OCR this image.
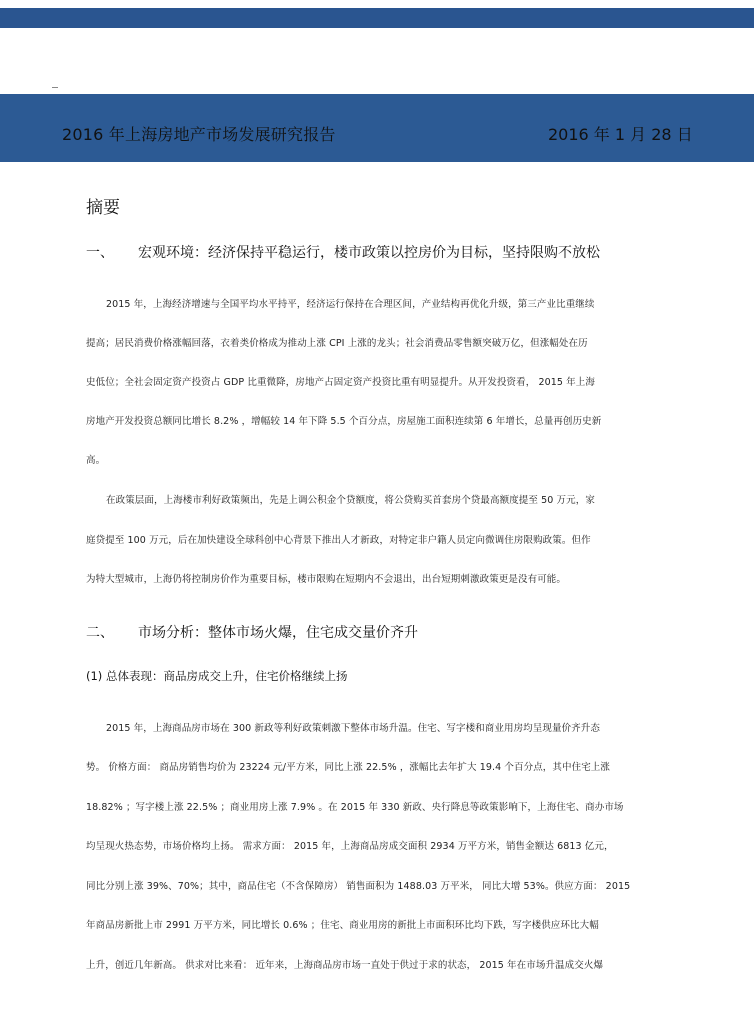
2016 年上海房地产市场发展研究报告	2016 年 1 月 28 日
摘要
一、 宏观环境：经济保持平稳运行，楼市政策以控房价为目标，坚持限购不放松
2015 年，上海经济增速与全国平均水平持平，经济运行保持在合理区间，产业结构再优化升级，第三产业比重继续
提高；居民消费价格涨幅回落，衣着类价格成为推动上涨 CPI 上涨的龙头；社会消费品零售额突破万亿，但涨幅处在历
史低位；全社会固定资产投资占 GDP 比重微降，房地产占固定资产投资比重有明显提升。从开发投资看， 2015 年上海
房地产开发投资总额同比增长 8.2% ，增幅较 14 年下降 5.5 个百分点，房屋施工面积连续第 6 年增长，总量再创历史新
高。
在政策层面，上海楼市利好政策频出，先是上调公积金个贷额度，将公贷购买首套房个贷最高额度提至 50 万元，家
庭贷提至 100 万元，后在加快建设全球科创中心背景下推出人才新政，对特定非户籍人员定向微调住房限购政策。但作
为特大型城市，上海仍将控制房价作为重要目标，楼市限购在短期内不会退出，出台短期刺激政策更是没有可能。
二、 市场分析：整体市场火爆，住宅成交量价齐升
(1) 总体表现：商品房成交上升，住宅价格继续上扬
2015 年，上海商品房市场在 300 新政等利好政策刺激下整体市场升温。住宅、写字楼和商业用房均呈现量价齐升态
势。 价格方面： 商品房销售均价为 23224 元/平方米，同比上涨 22.5% ，涨幅比去年扩大 19.4 个百分点，其中住宅上涨
18.82% ；写字楼上涨 22.5% ；商业用房上涨 7.9% 。在 2015 年 330 新政、央行降息等政策影响下，上海住宅、商办市场
均呈现火热态势，市场价格均上扬。 需求方面： 2015 年，上海商品房成交面积 2934 万平方米，销售金额达 6813 亿元，
同比分别上涨 39%、70%；其中，商品住宅（不含保障房） 销售面积为 1488.03 万平米， 同比大增 53%。供应方面： 2015
年商品房新批上市 2991 万平方米，同比增长 0.6% ；住宅、商业用房的新批上市面积环比均下跌，写字楼供应环比大幅
上升，创近几年新高。 供求对比来看： 近年来，上海商品房市场一直处于供过于求的状态， 2015 年在市场升温成交火爆
